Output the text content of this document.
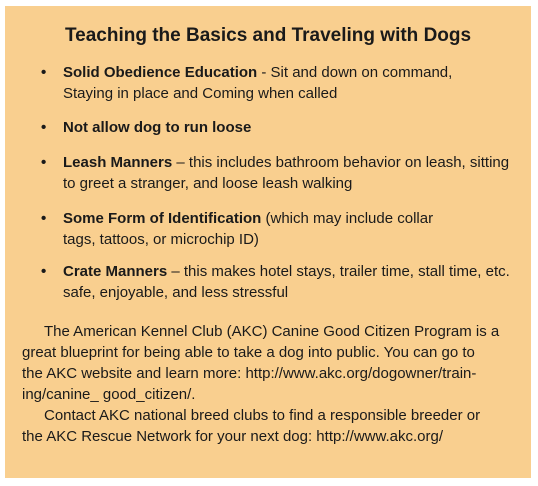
Teaching the Basics and Traveling with Dogs
•	Solid Obedience Education - Sit and down on command,
Staying in place and Coming when called
•	Not allow dog to run loose
•	Leash Manners – this includes bathroom behavior on leash, sitting
to greet a stranger, and loose leash walking
•	Some Form of Identification (which may include collar
tags, tattoos, or microchip ID)
•	Crate Manners – this makes hotel stays, trailer time, stall time, etc.
safe, enjoyable, and less stressful
The American Kennel Club (AKC) Canine Good Citizen Program is a
great blueprint for being able to take a dog into public. You can go to
the AKC website and learn more: http://www.akc.org/dogowner/train-
ing/canine_ good_citizen/.
Contact AKC national breed clubs to find a responsible breeder or
the AKC Rescue Network for your next dog: http://www.akc.org/
